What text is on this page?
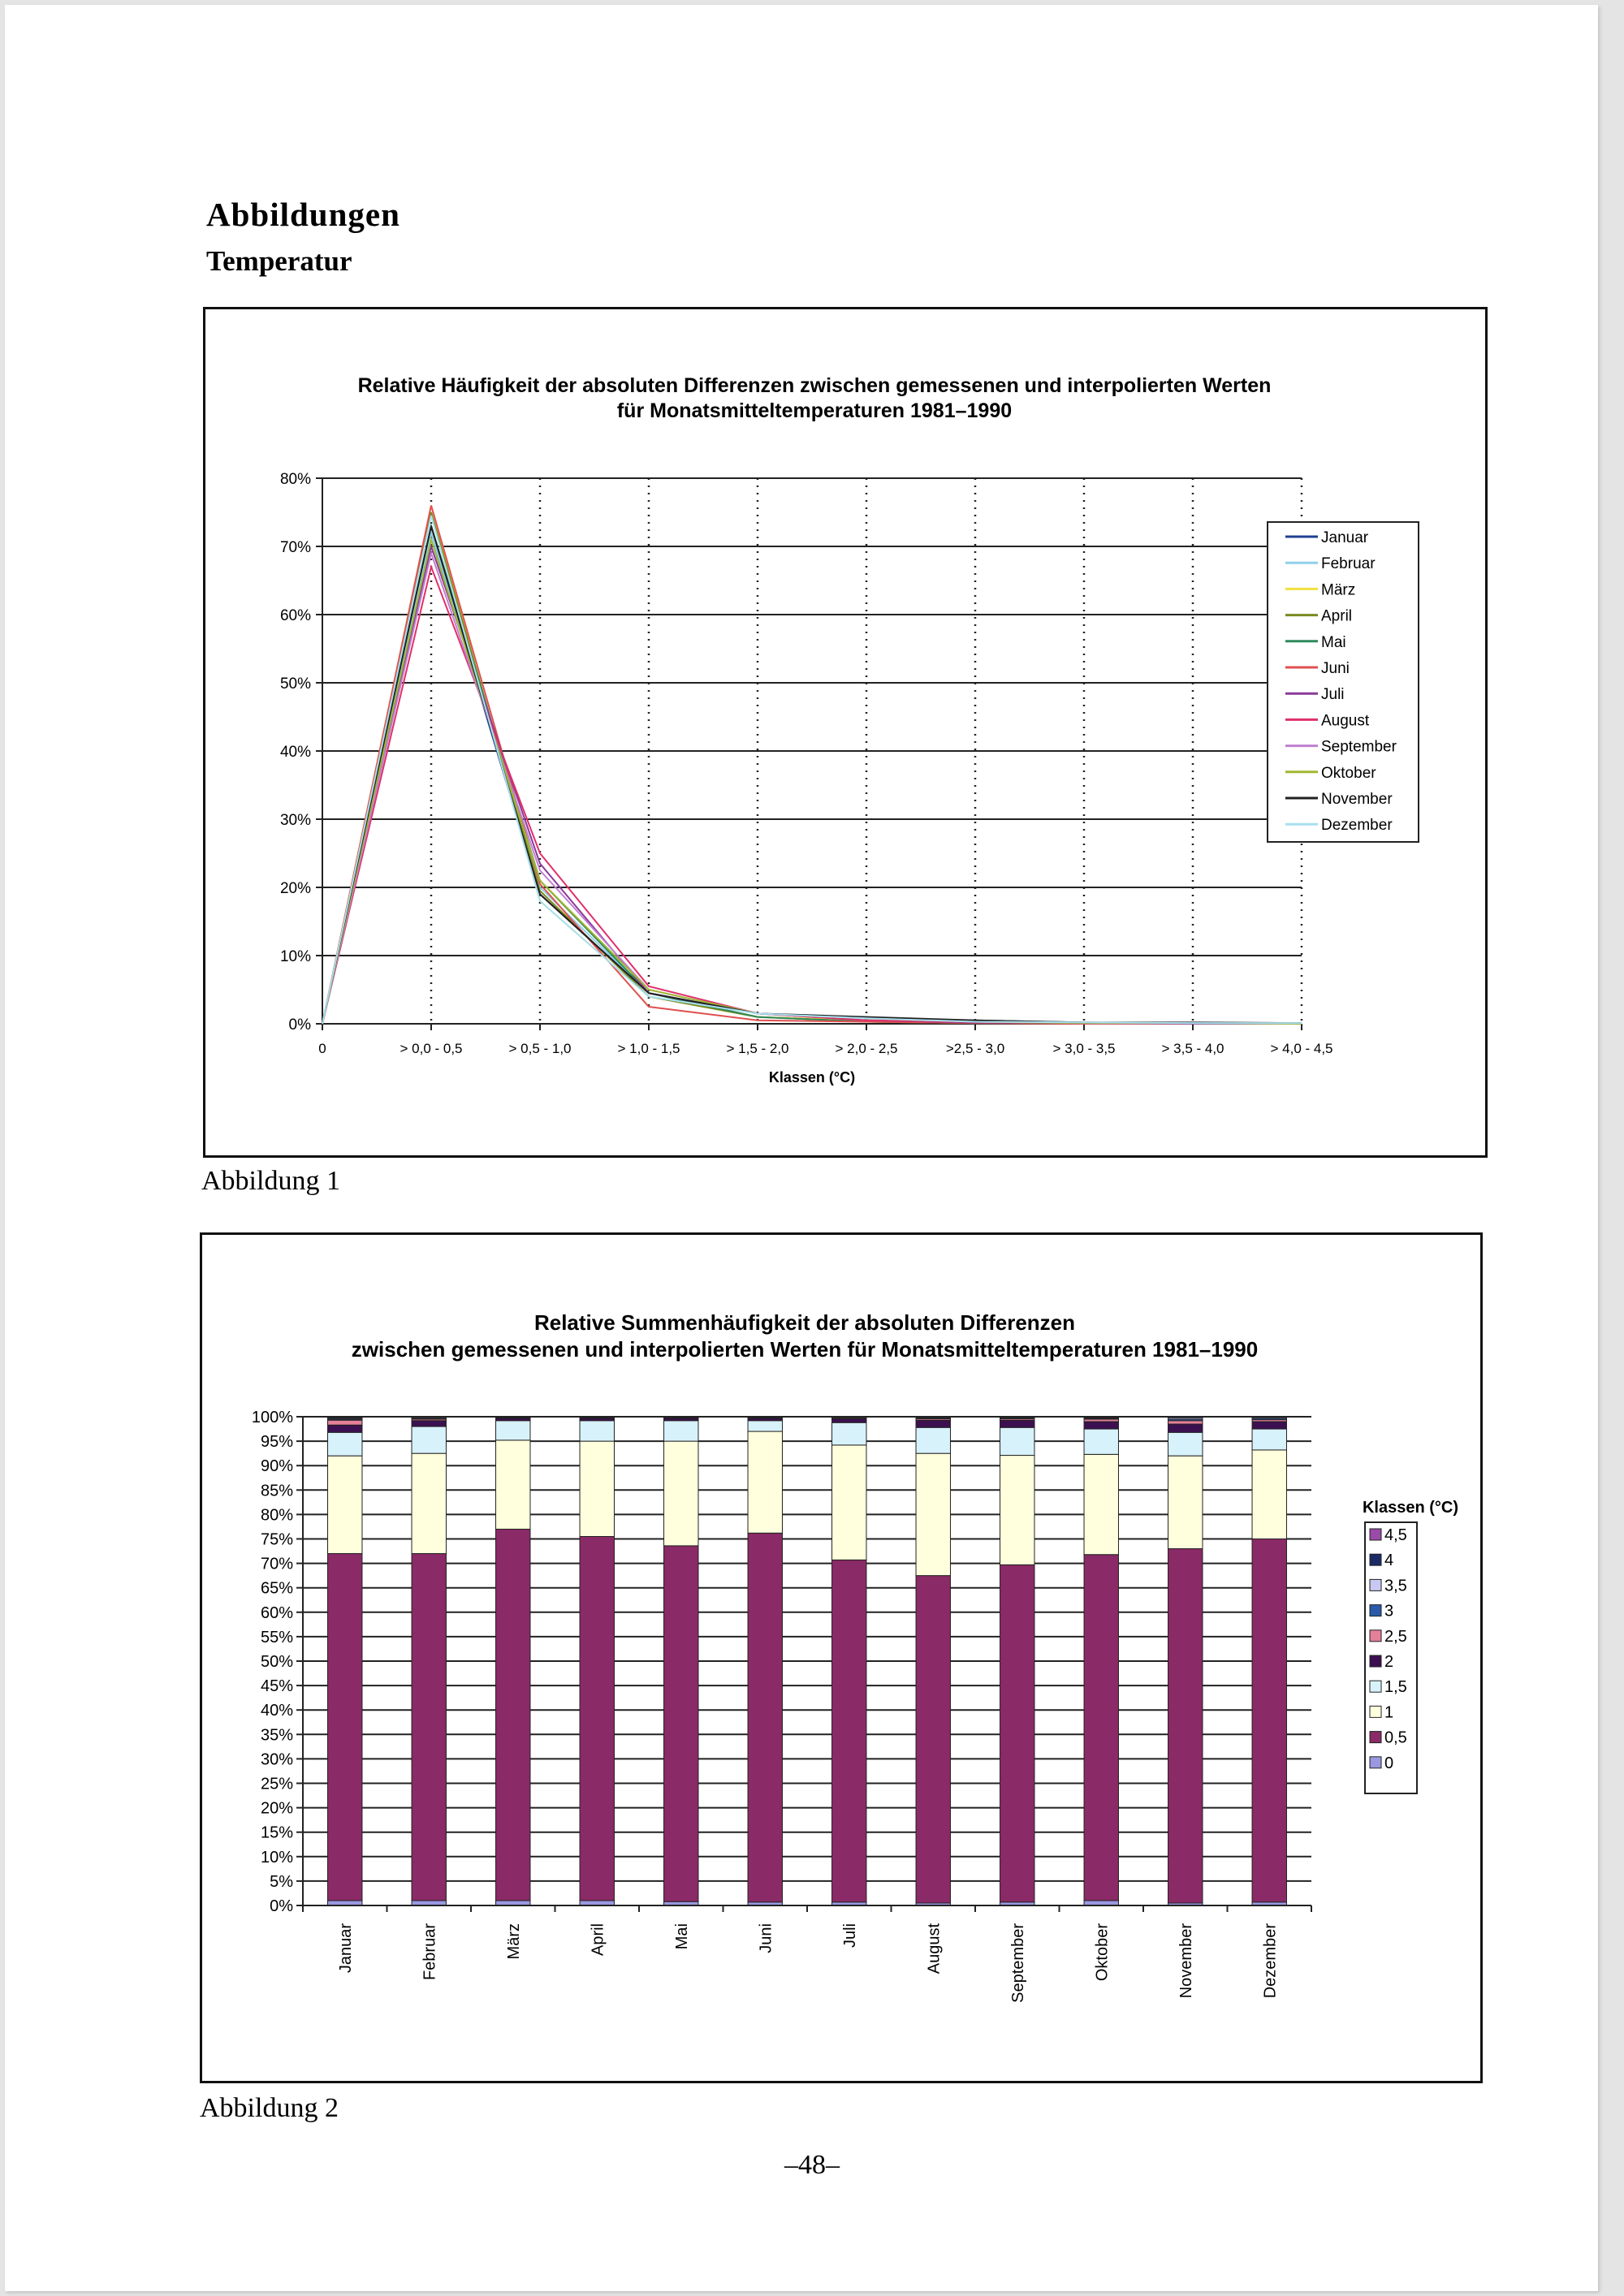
Abbildungen
Temperatur
Relative Häufigkeit der absoluten Differenzen zwischen gemessenen und interpolierten Werten
für Monatsmitteltemperaturen 1981–1990
0%
10%
20%
30%
40%
50%
60%
70%
80%
0	> 0,0 - 0,5	> 0,5 - 1,0	> 1,0 - 1,5	> 1,5 - 2,0	> 2,0 - 2,5	>2,5 - 3,0	> 3,0 - 3,5	> 3,5 - 4,0	> 4,0 - 4,5
Klassen (°C)
Januar
Februar
März
April
Mai
Juni
Juli
August
September
Oktober
November
Dezember
Abbildung 1
Relative Summenhäufigkeit der absoluten Differenzen
zwischen gemessenen und interpolierten Werten für Monatsmitteltemperaturen 1981–1990
0%
5%
10%
15%
20%
25%
30%
35%
40%
45%
50%
55%
60%
65%
70%
75%
80%
85%
90%
95%
100%
Januar	Februar	März	April	Mai	Juni	Juli	August	September	Oktober	November	Dezember
Klassen (°C)
4,5
4
3,5
3
2,5
2
1,5
1
0,5
0
Abbildung 2
–48–
